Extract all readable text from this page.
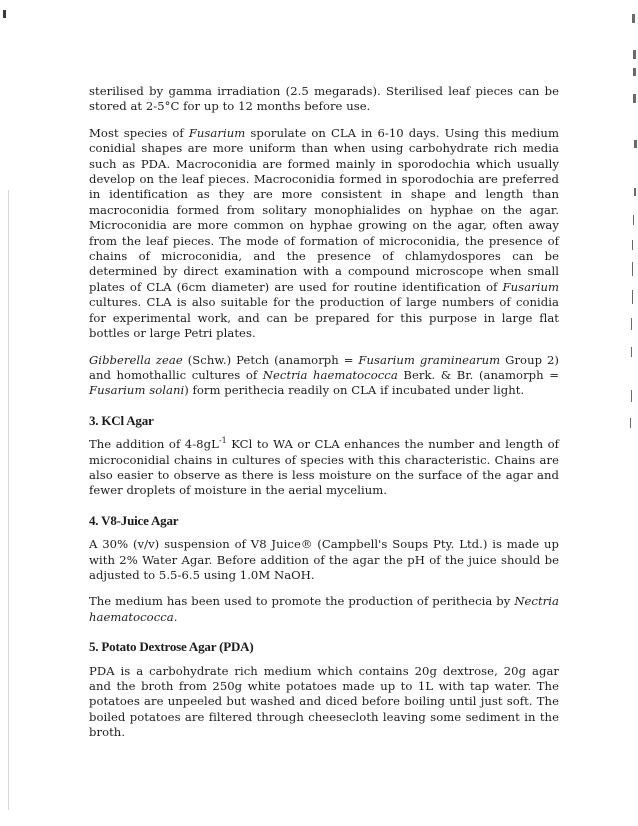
sterilised by gamma irradiation (2.5 megarads). Sterilised leaf pieces can be stored at 2-5°C for up to 12 months before use.

Most species of Fusarium sporulate on CLA in 6-10 days. Using this medium conidial shapes are more uniform than when using carbohydrate rich media such as PDA. Macroconidia are formed mainly in sporodochia which usually develop on the leaf pieces. Macroconidia formed in sporodochia are preferred in identification as they are more consistent in shape and length than macroconidia formed from solitary monophialides on hyphae on the agar. Microconidia are more common on hyphae growing on the agar, often away from the leaf pieces. The mode of formation of microconidia, the presence of chains of microconidia, and the presence of chlamydospores can be determined by direct examination with a compound microscope when small plates of CLA (6cm diameter) are used for routine identification of Fusarium cultures. CLA is also suitable for the production of large numbers of conidia for experimental work, and can be prepared for this purpose in large flat bottles or large Petri plates.

Gibberella zeae (Schw.) Petch (anamorph = Fusarium graminearum Group 2) and homothallic cultures of Nectria haematococca Berk. & Br. (anamorph = Fusarium solani) form perithecia readily on CLA if incubated under light.

3. KCl Agar

The addition of $4-8gL^{-1}$ KCl to WA or CLA enhances the number and length of microconidial chains in cultures of species with this characteristic. Chains are also easier to observe as there is less moisture on the surface of the agar and fewer droplets of moisture in the aerial mycelium.

4. V8-Juice Agar

A 30% (v/v) suspension of V8 Juice® (Campbell's Soups Pty. Ltd.) is made up with 2% Water Agar. Before addition of the agar the pH of the juice should be adjusted to 5.5-6.5 using 1.0M NaOH.

The medium has been used to promote the production of perithecia by Nectria haematococca.

5. Potato Dextrose Agar (PDA)

PDA is a carbohydrate rich medium which contains 20g dextrose, 20g agar and the broth from 250g white potatoes made up to 1L with tap water. The potatoes are unpeeled but washed and diced before boiling until just soft. The boiled potatoes are filtered through cheesecloth leaving some sediment in the broth.
